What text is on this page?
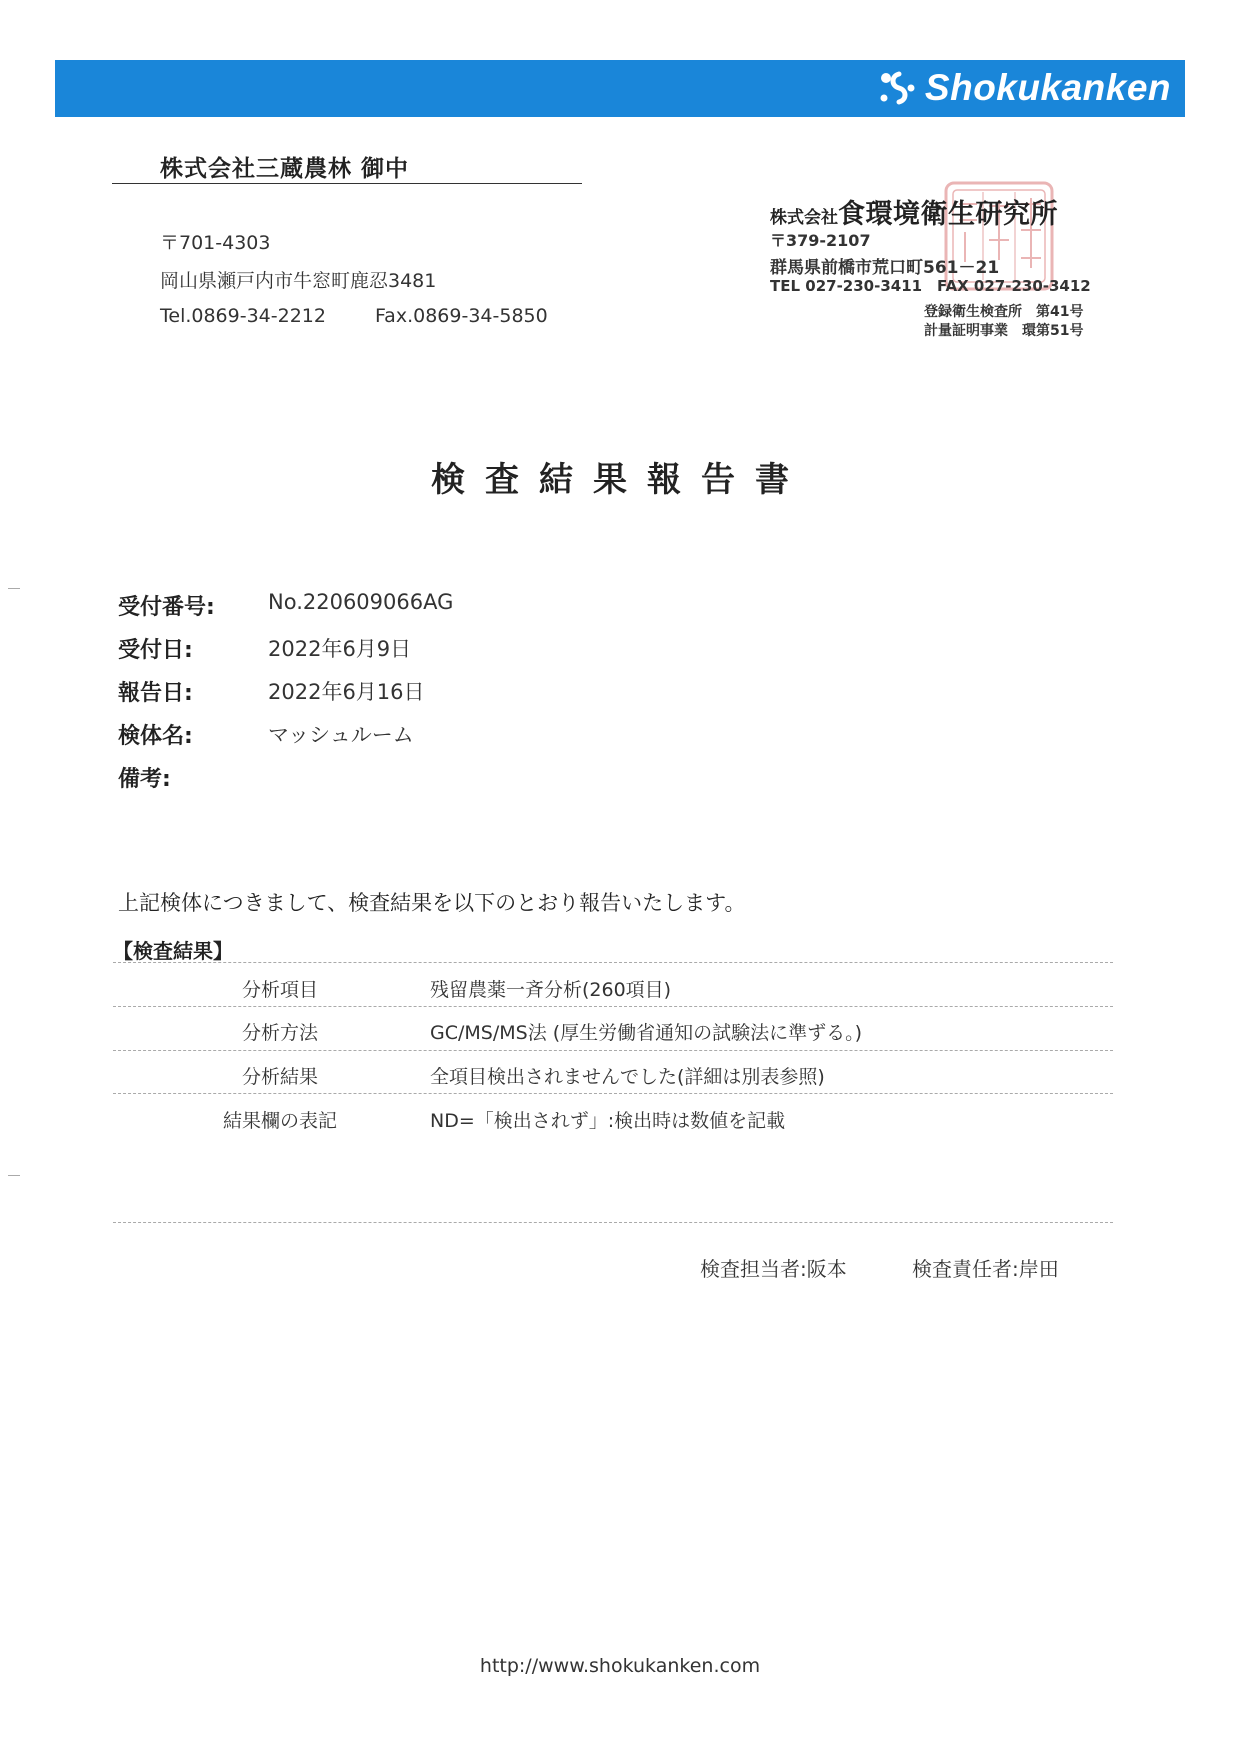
Shokukanken
株式会社三蔵農林 御中
〒701-4303
岡山県瀬戸内市牛窓町鹿忍3481
Tel.0869-34-2212	Fax.0869-34-5850
株式会社食環境衛生研究所
〒379-2107
群馬県前橋市荒口町561－21
TEL 027-230-3411 FAX 027-230-3412
登録衛生検査所　第41号
計量証明事業　環第51号
検査結果報告書
受付番号:	No.220609066AG
受付日:	2022年6月9日
報告日:	2022年6月16日
検体名:	マッシュルーム
備考:
上記検体につきまして、検査結果を以下のとおり報告いたします。
【検査結果】
分析項目	残留農薬一斉分析(260項目)
分析方法	GC/MS/MS法 (厚生労働省通知の試験法に準ずる。)
分析結果	全項目検出されませんでした(詳細は別表参照)
結果欄の表記	ND=「検出されず」:検出時は数値を記載
検査担当者:阪本	検査責任者:岸田
http://www.shokukanken.com
